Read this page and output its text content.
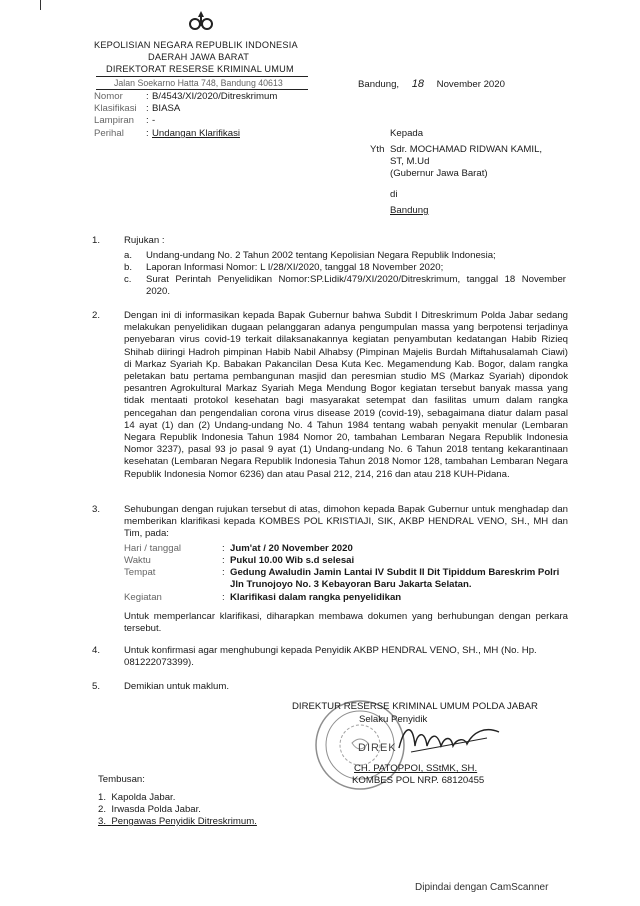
KEPOLISIAN NEGARA REPUBLIK INDONESIA
DAERAH JAWA BARAT
DIREKTORAT RESERSE KRIMINAL UMUM
Jalan Soekarno Hatta 748, Bandung 40613	Bandung, 18 November 2020
Nomor	: B/4543/XI/2020/Ditreskrimum
Klasifikasi : BIASA
Lampiran	: -
Perihal	: Undangan Klarifikasi	Kepada
Yth Sdr. MOCHAMAD RIDWAN KAMIL,
ST, M.Ud
(Gubernur Jawa Barat)
di
Bandung
1. Rujukan :
a. Undang-undang No. 2 Tahun 2002 tentang Kepolisian Negara Republik Indonesia;
b. Laporan Informasi Nomor: L I/28/XI/2020, tanggal 18 November 2020;
c. Surat Perintah Penyelidikan Nomor:SP.Lidik/479/XI/2020/Ditreskrimum, tanggal 18 November 2020.
2. Dengan ini di informasikan kepada Bapak Gubernur bahwa Subdit I Ditreskrimum Polda Jabar sedang melakukan penyelidikan dugaan pelanggaran adanya pengumpulan massa yang berpotensi terjadinya penyebaran virus covid-19 terkait dilaksanakannya kegiatan penyambutan kedatangan Habib Rizieq Shihab diiringi Hadroh pimpinan Habib Nabil Alhabsy (Pimpinan Majelis Burdah Miftahusalamah Ciawi) di Markaz Syariah Kp. Babakan Pakancilan Desa Kuta Kec. Megamendung Kab. Bogor, dalam rangka peletakan batu pertama pembangunan masjid dan peresmian studio MS (Markaz Syariah) dipondok pesantren Agrokultural Markaz Syariah Mega Mendung Bogor kegiatan tersebut banyak massa yang tidak mentaati protokol kesehatan bagi masyarakat setempat dan fasilitas umum dalam rangka pencegahan dan pengendalian corona virus disease 2019 (covid-19), sebagaimana diatur dalam pasal 14 ayat (1) dan (2) Undang-undang No. 4 Tahun 1984 tentang wabah penyakit menular (Lembaran Negara Republik Indonesia Tahun 1984 Nomor 20, tambahan Lembaran Negara Republik Indonesia Nomor 3237), pasal 93 jo pasal 9 ayat (1) Undang-undang No. 6 Tahun 2018 tentang kekarantinaan kesehatan (Lembaran Negara Republik Indonesia Tahun 2018 Nomor 128, tambahan Lembaran Negara Republik Indonesia Nomor 6236) dan atau Pasal 212, 214, 216 dan atau 218 KUH-Pidana.
3. Sehubungan dengan rujukan tersebut di atas, dimohon kepada Bapak Gubernur untuk menghadap dan memberikan klarifikasi kepada KOMBES POL KRISTIAJI, SIK, AKBP HENDRAL VENO, SH., MH dan Tim, pada:
Hari / tanggal	: Jum'at / 20 November 2020
Waktu	: Pukul 10.00 Wib s.d selesai
Tempat	: Gedung Awaludin Jamin Lantai IV Subdit II Dit Tipiddum Bareskrim Polri
Jln Trunojoyo No. 3 Kebayoran Baru Jakarta Selatan.
Kegiatan	: Klarifikasi dalam rangka penyelidikan
Untuk memperlancar klarifikasi, diharapkan membawa dokumen yang berhubungan dengan perkara tersebut.
4. Untuk konfirmasi agar menghubungi kepada Penyidik AKBP HENDRAL VENO, SH., MH (No. Hp.
081222073399).
5. Demikian untuk maklum.
DIREK
DIREKTUR RESERSE KRIMINAL UMUM POLDA JABAR
Selaku Penyidik
CH. PATOPPOI, SStMK, SH.
KOMBES POL NRP. 68120455
Tembusan:
1. Kapolda Jabar.
2. Irwasda Polda Jabar.
3. Pengawas Penyidik Ditreskrimum.
Dipindai dengan CamScanner
